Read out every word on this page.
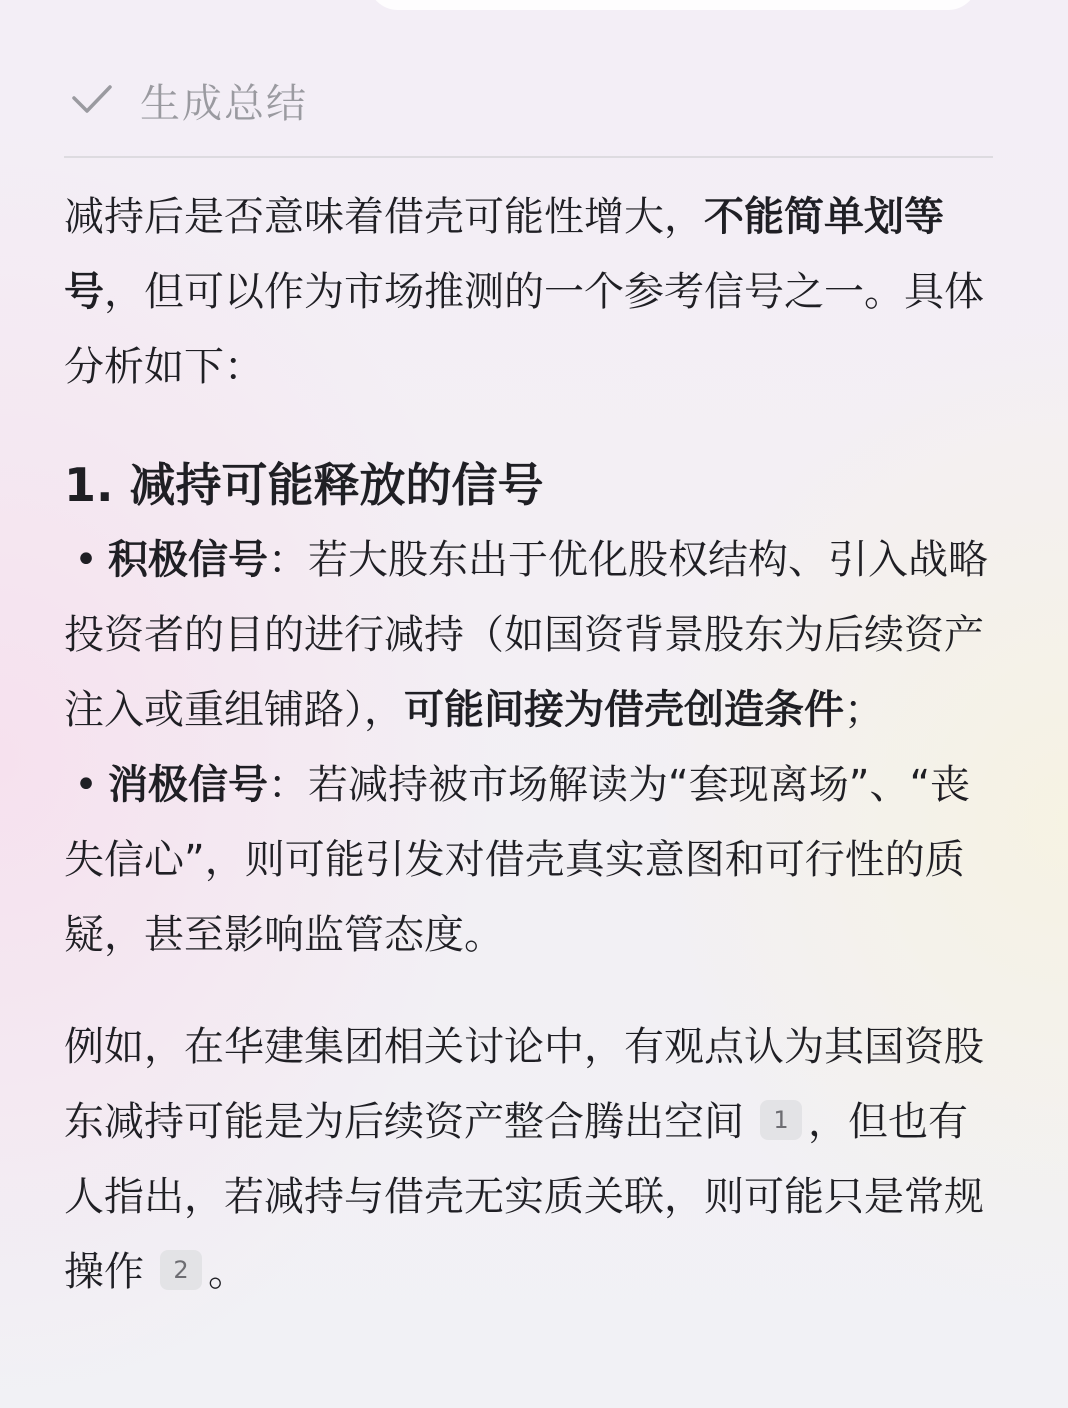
生成总结

减持后是否意味着借壳可能性增大，不能简单划等号，但可以作为市场推测的一个参考信号之一。具体分析如下：

1. 减持可能释放的信号

• 积极信号：若大股东出于优化股权结构、引入战略投资者的目的进行减持（如国资背景股东为后续资产注入或重组铺路），可能间接为借壳创造条件；

• 消极信号：若减持被市场解读为“套现离场”、“丧失信心”，则可能引发对借壳真实意图和可行性的质疑，甚至影响监管态度。

例如，在华建集团相关讨论中，有观点认为其国资股东减持可能是为后续资产整合腾出空间 1 ，但也有人指出，若减持与借壳无实质关联，则可能只是常规操作 2 。
